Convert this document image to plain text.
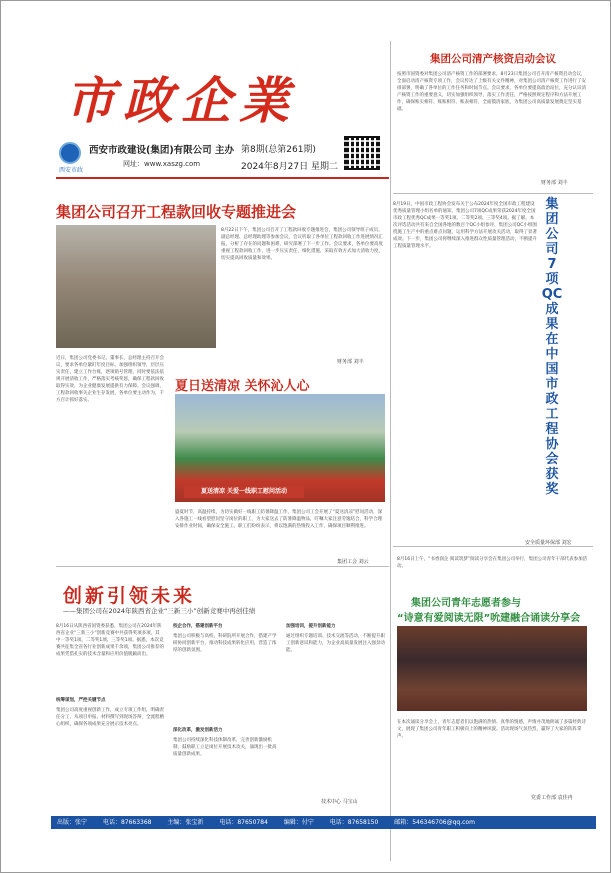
市政企業
西安市政
西安市政建设(集团)有限公司 主办
网址：www.xaszg.com
第8期(总第261期)
2024年8月27日 星期二
集团公司清产核资启动会议
按照市国资委对集团公司清产核资工作的部署要求，8月23日集团公司召开清产核资启动会议，全面启动清产核资专项工作，会议传达了上级有关文件精神，对集团公司清产核资工作进行了安排部署，明确了各单位的工作任务和时间节点。会议要求，各单位要提高政治站位，充分认识清产核资工作的重要意义，切实加强组织领导，落实工作责任，严格按照规定程序和方法开展工作，确保账实相符、账账相符、账表相符，全面摸清家底，为集团公司高质量发展奠定坚实基础。
财务部 刘丰
集团公司召开工程款回收专题推进会
8月22日下午，集团公司召开了工程款回收专题推进会，集团公司领导班子成员、副总经理、总经理助理等参加会议，会议听取了各单位工程款回收工作进展情况汇报，分析了存在的问题和困难，研究部署了下一步工作。会议要求，各单位要高度重视工程款回收工作，进一步压实责任，细化措施，采取有效方式加大清收力度，切实提高回收质量和效果。
财务部 刘丰
近日，集团公司党委书记、董事长、总经理主持召开会议，要求各单位紧盯年度目标，加强组织领导，层层压实责任，建立工作台账，逐项销号管理，同时要依法依规开展清收工作，严格落实考核奖惩，确保工程款回收取得实效，为企业健康发展提供有力保障。会议强调，工程款回收事关企业生存发展，各单位要主动作为，千方百计抓好落实。
夏日送清凉 关怀沁人心
夏送清凉 关爱一线职工慰问活动
盛夏时节，高温持续，为切实做好一线职工防暑降温工作，集团公司工会开展了“夏送清凉”慰问活动，深入各施工一线看望慰问坚守岗位的职工，为大家送去了防暑降温物品，叮嘱大家注意劳逸结合，科学合理安排作业时间，确保安全施工。职工们纷纷表示，将以饱满的热情投入工作，确保项目顺利推进。
集团工会 刘云
创新引领未来
——集团公司在2024年陕西省企业“三新三小”创新竞赛中再创佳绩
8月16日从陕西省国资委获悉，集团公司在2024年陕西省企业“三新三小”创新竞赛中共获得奖项多项，其中一等奖1项、二等奖1项、三等奖1项。据悉，本次竞赛共征集全省各行业创新成果千余项，集团公司推荐的成果凭借扎实的技术含量和应用价值脱颖而出。
统筹谋划，严控关键节点
集团公司高度重视创新工作，成立专项工作组，明确责任分工，从项目申报、材料撰写到现场答辩，全流程精心组织，确保各项成果充分展示技术亮点。
校企合作，搭建创新平台
集团公司积极与高校、科研院所开展合作，搭建产学研协同创新平台，推动科技成果转化应用，营造了浓厚的创新氛围。
深化改革，激发创新活力
集团公司持续深化科技体制改革，完善创新激励机制，鼓励职工立足岗位开展技术攻关，涌现出一批高质量创新成果。
加强培训，提升创新能力
通过组织专题培训、技术交流等活动，不断提升职工创新意识和能力，为企业高质量发展注入强劲动能。
技术中心 马宝山
集团公司7项QC成果在中国市政工程协会获奖
8月19日，中国市政工程协会发布关于公布2024年度全国市政工程建设优秀质量管理小组名单的通知，集团公司7项QC成果荣获2024年度全国市政工程优秀QC成果一等奖1项、二等奖2项、三等奖4项。据了解，本次评选活动共有来自全国各地的数百个QC小组参评，集团公司QC小组围绕施工生产中的重点难点问题，运用科学方法开展攻关活动，取得了显著成效。下一步，集团公司将继续深入推进群众性质量管理活动，不断提升工程质量管理水平。
安全质量环保部 刘宏
8月16日上午，“书香润企 阅读筑梦”阅读分享会在集团公司举行，集团公司青年干部代表参加活动。
集团公司青年志愿者参与
“诗意有爱阅读无限”吮建融合诵读分享会
在本次诵读分享会上，青年志愿者们以饱满的热情、真挚的情感，声情并茂地朗诵了多篇经典诗文，展现了集团公司青年职工积极向上的精神风貌。活动现场气氛热烈，赢得了大家的阵阵掌声。
党委工作部 袁佳冉
出版：张宁	电话：87663368	主编：张宝新	电话：87650784	编辑：付宁	电话：87658150	邮箱：546346706@qq.com
